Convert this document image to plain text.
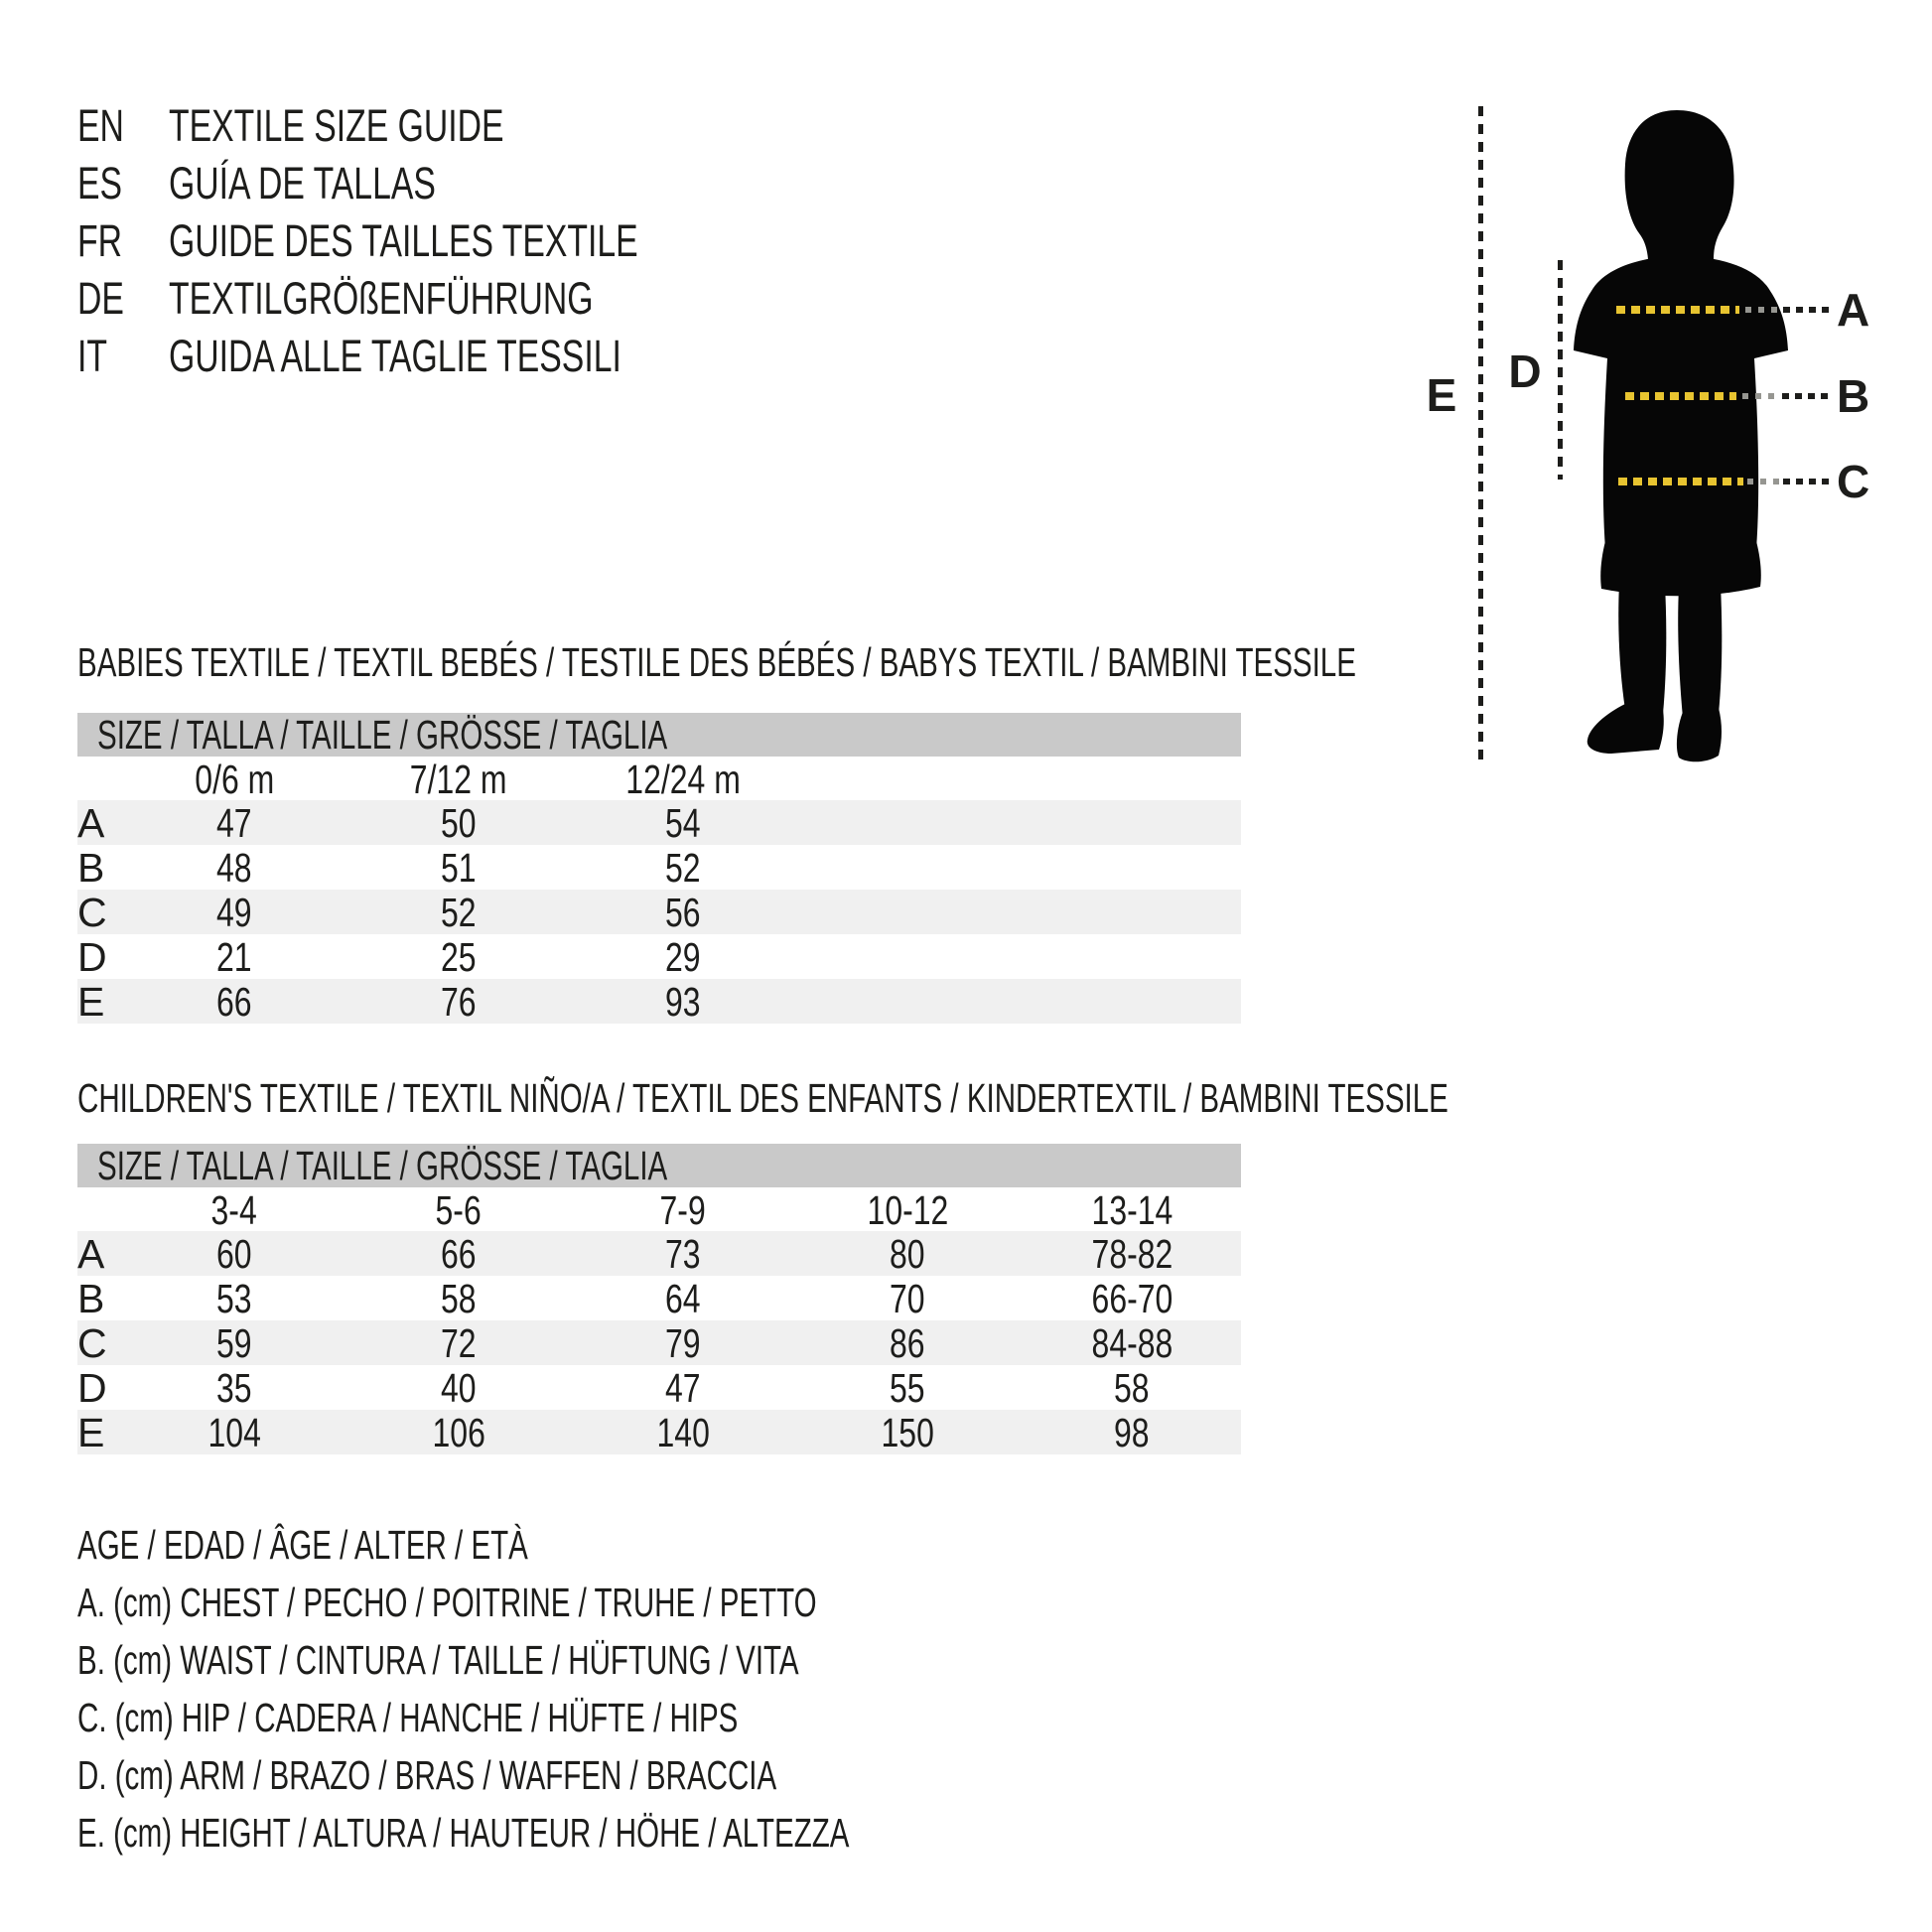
EN	TEXTILE SIZE GUIDE
ES	GUÍA DE TALLAS
FR	GUIDE DES TAILLES TEXTILE
DE	TEXTILGRÖßENFÜHRUNG
IT	GUIDA ALLE TAGLIE TESSILI
E D
A
B
C
BABIES TEXTILE / TEXTIL BEBÉS / TESTILE DES BÉBÉS / BABYS TEXTIL / BAMBINI TESSILE
SIZE / TALLA / TAILLE / GRÖSSE / TAGLIA
0/6 m	7/12 m	12/24 m
A	47	50	54
B	48	51	52
C	49	52	56
D	21	25	29
E	66	76	93
CHILDREN'S TEXTILE / TEXTIL NIÑO/A / TEXTIL DES ENFANTS / KINDERTEXTIL / BAMBINI TESSILE
SIZE / TALLA / TAILLE / GRÖSSE / TAGLIA
3-4	5-6	7-9	10-12	13-14
A	60	66	73	80	78-82
B	53	58	64	70	66-70
C	59	72	79	86	84-88
D	35	40	47	55	58
E	104	106	140	150	98
AGE / EDAD / ÂGE / ALTER / ETÀ
A. (cm) CHEST / PECHO / POITRINE / TRUHE / PETTO
B. (cm) WAIST / CINTURA / TAILLE / HÜFTUNG / VITA
C. (cm) HIP / CADERA / HANCHE / HÜFTE / HIPS
D. (cm) ARM / BRAZO / BRAS / WAFFEN / BRACCIA
E. (cm) HEIGHT / ALTURA / HAUTEUR / HÖHE / ALTEZZA
